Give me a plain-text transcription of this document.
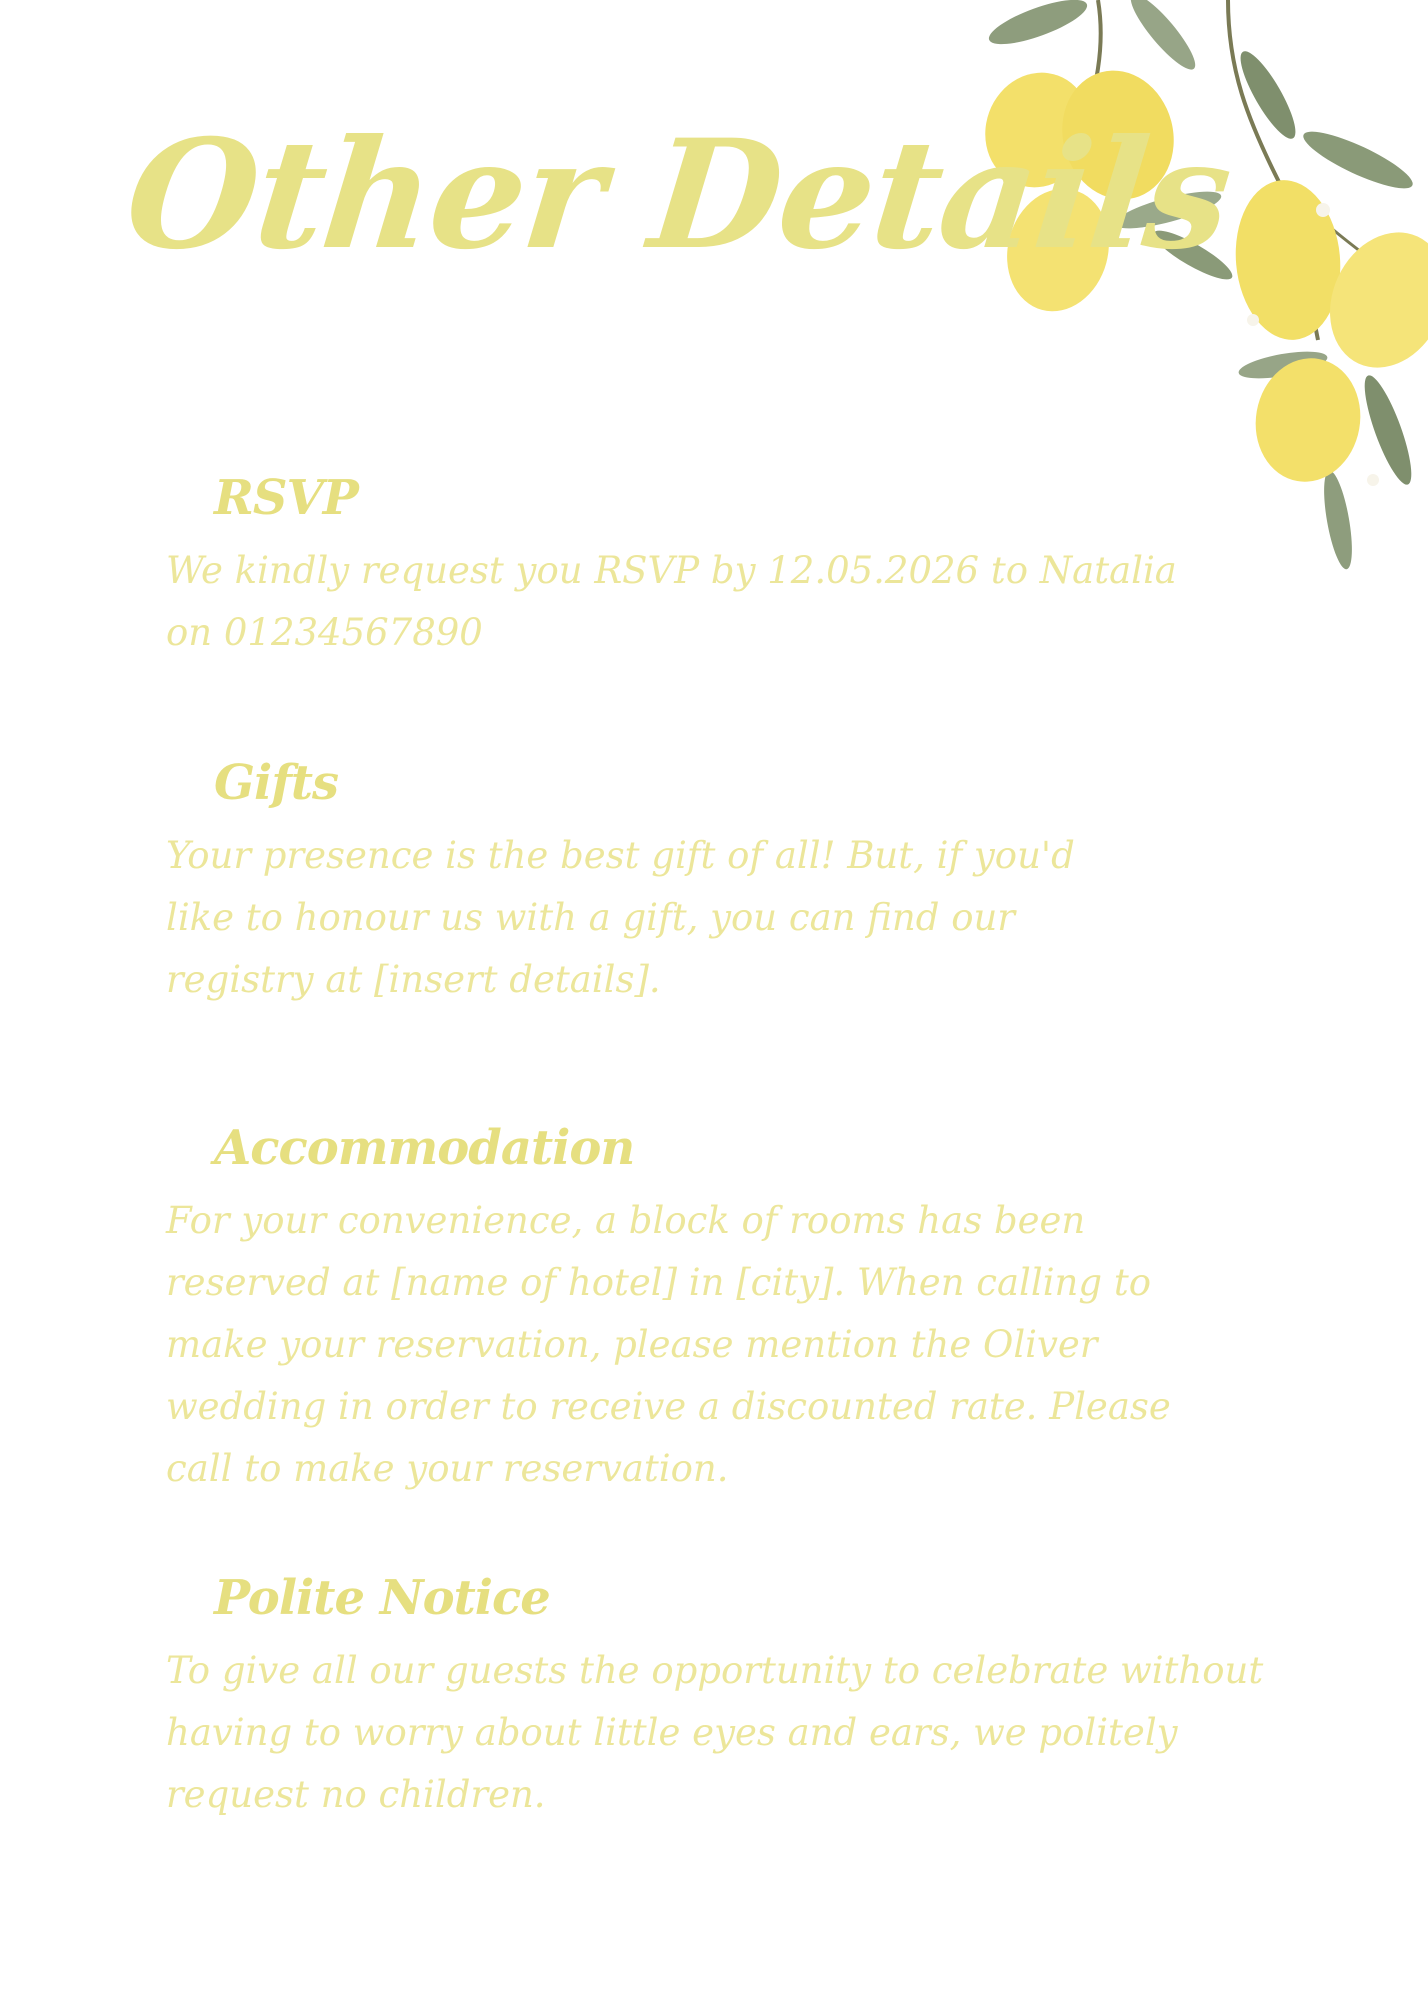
Other Details
RSVP

We kindly request you RSVP by 12.05.2026 to Natalia on 01234567890

Gifts

Your presence is the best gift of all! But, if you'd like to honour us with a gift, you can find our registry at [insert details].

Accommodation

For your convenience, a block of rooms has been reserved at [name of hotel] in [city]. When calling to make your reservation, please mention the Oliver wedding in order to receive a discounted rate. Please call to make your reservation.

Polite Notice

To give all our guests the opportunity to celebrate without having to worry about little eyes and ears, we politely request no children.
